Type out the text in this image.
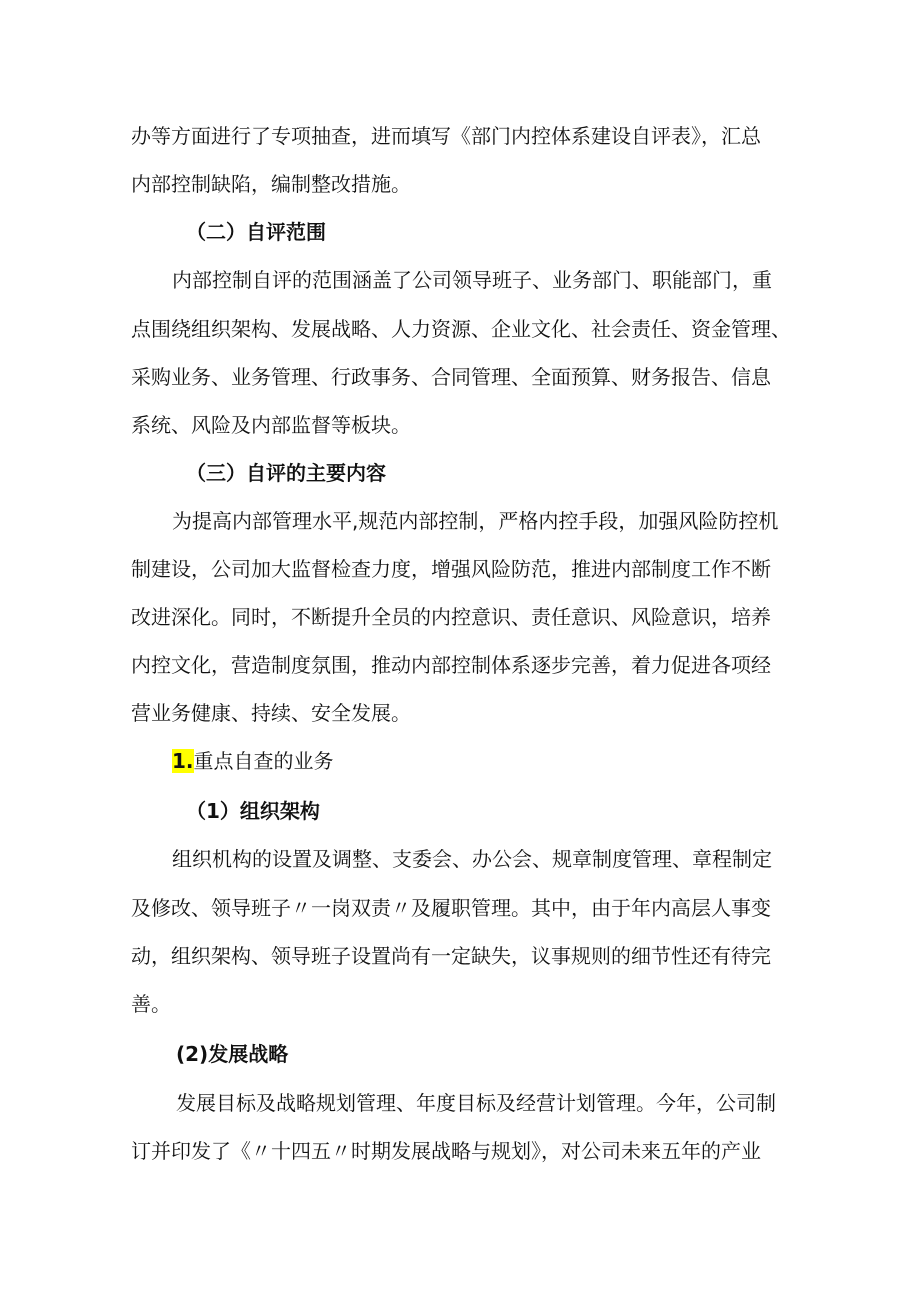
办等方面进行了专项抽查，进而填写《部门内控体系建设自评表》，汇总
内部控制缺陷，编制整改措施。
（二）自评范围
内部控制自评的范围涵盖了公司领导班子、业务部门、职能部门，重
点围绕组织架构、发展战略、人力资源、企业文化、社会责任、资金管理、
采购业务、业务管理、行政事务、合同管理、全面预算、财务报告、信息
系统、风险及内部监督等板块。
（三）自评的主要内容
为提高内部管理水平,规范内部控制，严格内控手段，加强风险防控机
制建设，公司加大监督检查力度，增强风险防范，推进内部制度工作不断
改进深化。同时，不断提升全员的内控意识、责任意识、风险意识，培养
内控文化，营造制度氛围，推动内部控制体系逐步完善，着力促进各项经
营业务健康、持续、安全发展。
1.重点自查的业务
（1）组织架构
组织机构的设置及调整、支委会、办公会、规章制度管理、章程制定
及修改、领导班子〃一岗双责〃及履职管理。其中，由于年内高层人事变
动，组织架构、领导班子设置尚有一定缺失，议事规则的细节性还有待完
善。
(2)发展战略
发展目标及战略规划管理、年度目标及经营计划管理。今年，公司制
订并印发了《〃十四五〃时期发展战略与规划》，对公司未来五年的产业
